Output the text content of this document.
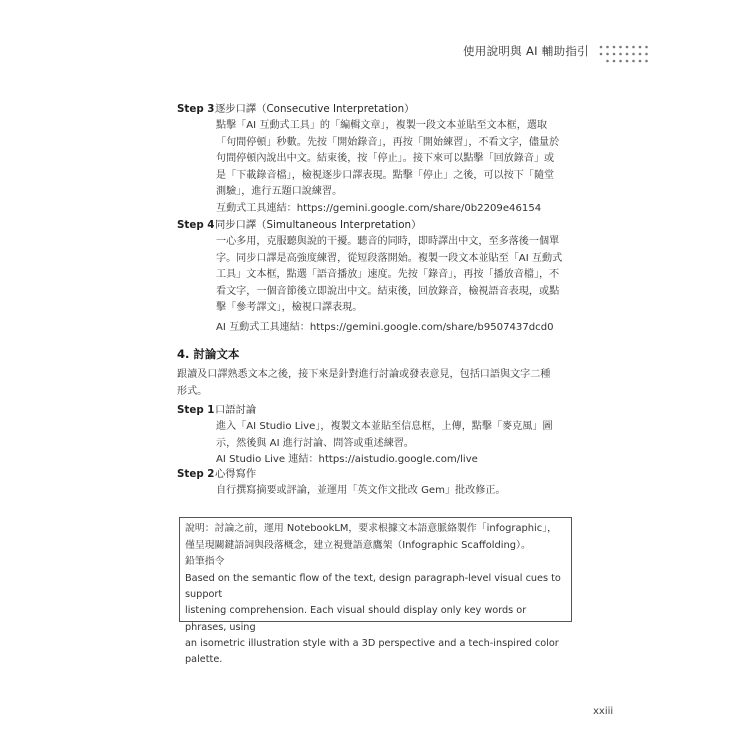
使用說明與 AI 輔助指引
Step 3逐步口譯（Consecutive Interpretation）

點擊「AI 互動式工具」的「編輯文章」，複製一段文本並貼至文本框，選取

「句間停頓」秒數。先按「開始錄音」，再按「開始練習」，不看文字，儘量於

句間停頓內說出中文。結束後，按「停止」。接下來可以點擊「回放錄音」或

是「下載錄音檔」，檢視逐步口譯表現。點擊「停止」之後，可以按下「隨堂

測驗」，進行五題口說練習。

互動式工具連結：https://gemini.google.com/share/0b2209e46154

Step 4同步口譯（Simultaneous Interpretation）

一心多用，克服聽與說的干擾。聽音的同時，即時譯出中文，至多落後一個單

字。同步口譯是高強度練習，從短段落開始。複製一段文本並貼至「AI 互動式

工具」文本框，點選「語音播放」速度。先按「錄音」，再按「播放音檔」，不

看文字，一個音節後立即說出中文。結束後，回放錄音，檢視語音表現，或點

擊「參考譯文」，檢視口譯表現。

AI 互動式工具連結：https://gemini.google.com/share/b9507437dcd0

4. 討論文本

跟讀及口譯熟悉文本之後，接下來是針對進行討論或發表意見，包括口語與文字二種

形式。

Step 1口語討論

進入「AI Studio Live」，複製文本並貼至信息框，上傳，點擊「麥克風」圖

示，然後與 AI 進行討論、問答或重述練習。

AI Studio Live 連結：https://aistudio.google.com/live

Step 2心得寫作

自行撰寫摘要或評論，並運用「英文作文批改 Gem」批改修正。

說明：討論之前，運用 NotebookLM，要求根據文本語意脈絡製作「infographic」，

僅呈現關鍵語詞與段落概念，建立視覺語意鷹架（Infographic Scaffolding）。

鉛筆指令

Based on the semantic flow of the text, design paragraph-level visual cues to support

listening comprehension. Each visual should display only key words or phrases, using

an isometric illustration style with a 3D perspective and a tech-inspired color palette.

xxiii
